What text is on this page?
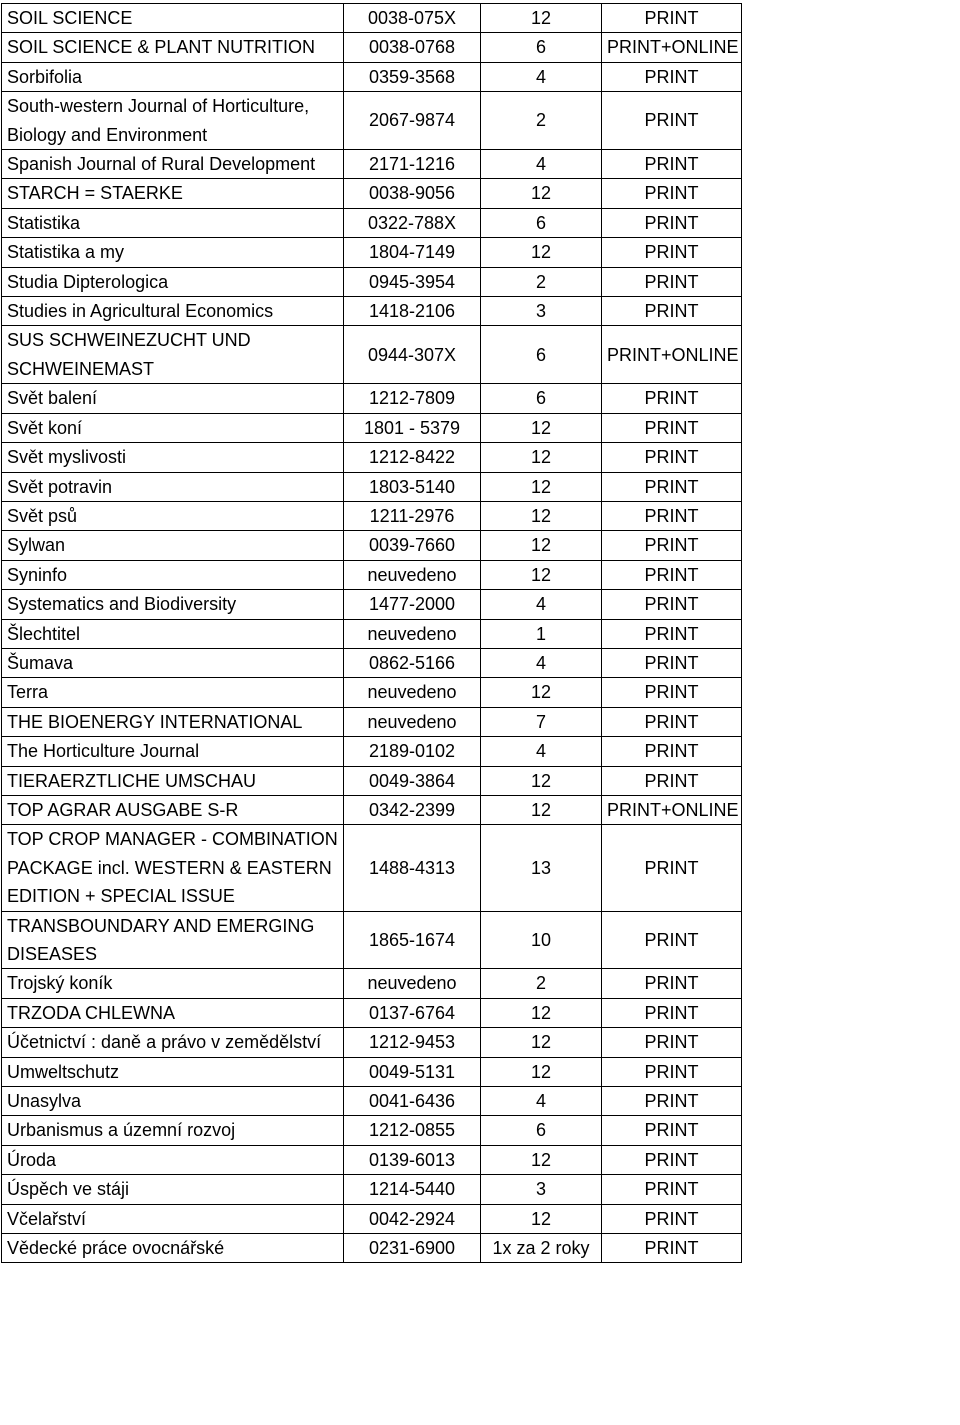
SOIL SCIENCE	0038-075X	12	PRINT
SOIL SCIENCE & PLANT NUTRITION	0038-0768	6	PRINT+ONLINE
Sorbifolia	0359-3568	4	PRINT
South-western Journal of Horticulture, Biology and Environment	2067-9874	2	PRINT
Spanish Journal of Rural Development	2171-1216	4	PRINT
STARCH = STAERKE	0038-9056	12	PRINT
Statistika	0322-788X	6	PRINT
Statistika a my	1804-7149	12	PRINT
Studia Dipterologica	0945-3954	2	PRINT
Studies in Agricultural Economics	1418-2106	3	PRINT
SUS SCHWEINEZUCHT UND SCHWEINEMAST	0944-307X	6	PRINT+ONLINE
Svět balení	1212-7809	6	PRINT
Svět koní	1801 - 5379	12	PRINT
Svět myslivosti	1212-8422	12	PRINT
Svět potravin	1803-5140	12	PRINT
Svět psů	1211-2976	12	PRINT
Sylwan	0039-7660	12	PRINT
Syninfo	neuvedeno	12	PRINT
Systematics and Biodiversity	1477-2000	4	PRINT
Šlechtitel	neuvedeno	1	PRINT
Šumava	0862-5166	4	PRINT
Terra	neuvedeno	12	PRINT
THE BIOENERGY INTERNATIONAL	neuvedeno	7	PRINT
The Horticulture Journal	2189-0102	4	PRINT
TIERAERZTLICHE UMSCHAU	0049-3864	12	PRINT
TOP AGRAR AUSGABE S-R	0342-2399	12	PRINT+ONLINE
TOP CROP MANAGER - COMBINATION PACKAGE incl. WESTERN & EASTERN EDITION + SPECIAL ISSUE	1488-4313	13	PRINT
TRANSBOUNDARY AND EMERGING DISEASES	1865-1674	10	PRINT
Trojský koník	neuvedeno	2	PRINT
TRZODA CHLEWNA	0137-6764	12	PRINT
Účetnictví : daně a právo v zemědělství	1212-9453	12	PRINT
Umweltschutz	0049-5131	12	PRINT
Unasylva	0041-6436	4	PRINT
Urbanismus a územní rozvoj	1212-0855	6	PRINT
Úroda	0139-6013	12	PRINT
Úspěch ve stáji	1214-5440	3	PRINT
Včelařství	0042-2924	12	PRINT
Vědecké práce ovocnářské	0231-6900	1x za 2 roky	PRINT
